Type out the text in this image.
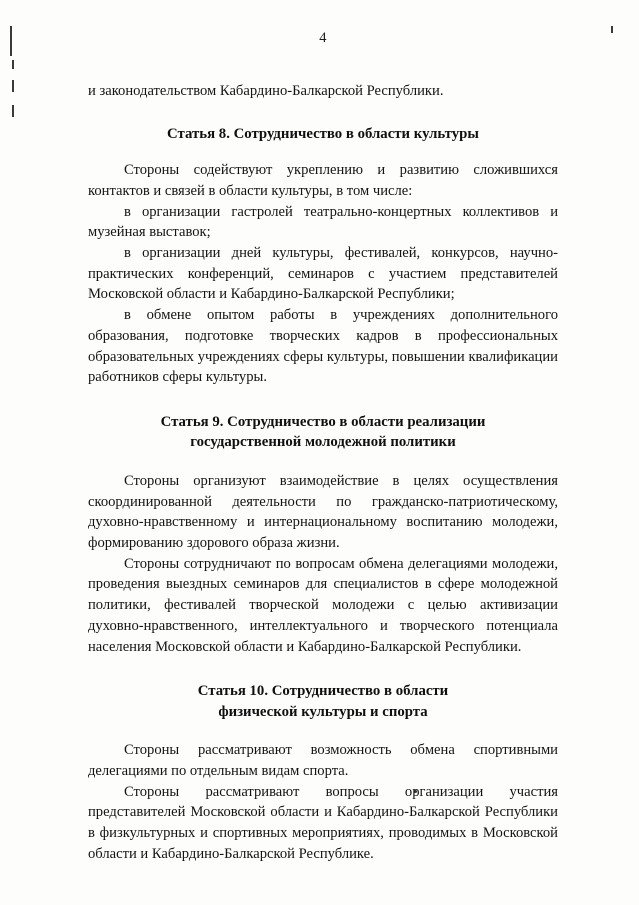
4

и законодательством Кабардино-Балкарской Республики.

Статья 8. Сотрудничество в области культуры

Стороны содействуют укреплению и развитию сложившихся контактов и связей в области культуры, в том числе:

в организации гастролей театрально-концертных коллективов и музейная выставок;

в организации дней культуры, фестивалей, конкурсов, научно-практических конференций, семинаров с участием представителей Московской области и Кабардино-Балкарской Республики;

в обмене опытом работы в учреждениях дополнительного образования, подготовке творческих кадров в профессиональных образовательных учреждениях сферы культуры, повышении квалификации работников сферы культуры.

Статья 9. Сотрудничество в области реализации
государственной молодежной политики

Стороны организуют взаимодействие в целях осуществления скоординированной деятельности по гражданско-патриотическому, духовно-нравственному и интернациональному воспитанию молодежи, формированию здорового образа жизни.

Стороны сотрудничают по вопросам обмена делегациями молодежи, проведения выездных семинаров для специалистов в сфере молодежной политики, фестивалей творческой молодежи с целью активизации духовно-нравственного, интеллектуального и творческого потенциала населения Московской области и Кабардино-Балкарской Республики.

Статья 10. Сотрудничество в области
физической культуры и спорта

Стороны рассматривают возможность обмена спортивными делегациями по отдельным видам спорта.

Стороны рассматривают вопросы организации участия представителей Московской области и Кабардино-Балкарской Республики в физкультурных и спортивных мероприятиях, проводимых в Московской области и Кабардино-Балкарской Республике.
